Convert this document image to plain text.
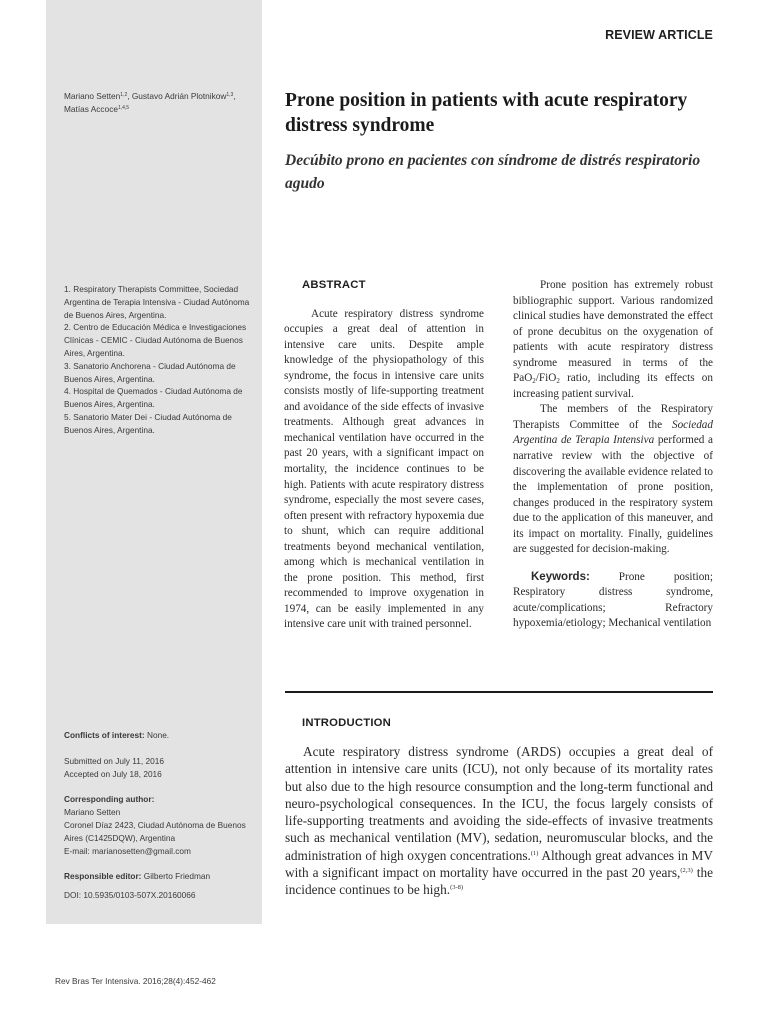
REVIEW ARTICLE

Mariano Setten$^{1,2}$, Gustavo Adrián Plotnikow$^{1,3}$,

Matías Accoce$^{1,4,5}$

1. Respiratory Therapists Committee, Sociedad Argentina de Terapia Intensiva - Ciudad Autónoma de Buenos Aires, Argentina.

2. Centro de Educación Médica e Investigaciones Clínicas - CEMIC - Ciudad Autónoma de Buenos Aires, Argentina.

3. Sanatorio Anchorena - Ciudad Autónoma de Buenos Aires, Argentina.

4. Hospital de Quemados - Ciudad Autónoma de Buenos Aires, Argentina.

5. Sanatorio Mater Dei - Ciudad Autónoma de Buenos Aires, Argentina.

Conflicts of interest: None.

Submitted on July 11, 2016

Accepted on July 18, 2016

Corresponding author:

Mariano Setten

Coronel Díaz 2423, Ciudad Autónoma de Buenos Aires (C1425DQW), Argentina

E-mail: marianosetten@gmail.com

Responsible editor: Gilberto Friedman

DOI: 10.5935/0103-507X.20160066

Prone position in patients with acute respiratory distress syndrome
Decúbito prono en pacientes con síndrome de distrés respiratorio agudo
ABSTRACT

Acute respiratory distress syndrome occupies a great deal of attention in intensive care units. Despite ample knowledge of the physiopathology of this syndrome, the focus in intensive care units consists mostly of life-supporting treatment and avoidance of the side effects of invasive treatments. Although great advances in mechanical ventilation have occurred in the past 20 years, with a significant impact on mortality, the incidence continues to be high. Patients with acute respiratory distress syndrome, especially the most severe cases, often present with refractory hypoxemia due to shunt, which can require additional treatments beyond mechanical ventilation, among which is mechanical ventilation in the prone position. This method, first recommended to improve oxygenation in 1974, can be easily implemented in any intensive care unit with trained personnel.

Prone position has extremely robust bibliographic support. Various randomized clinical studies have demonstrated the effect of prone decubitus on the oxygenation of patients with acute respiratory distress syndrome measured in terms of the PaO$_2$/FiO$_2$ ratio, including its effects on increasing patient survival.

The members of the Respiratory Therapists Committee of the Sociedad Argentina de Terapia Intensiva performed a narrative review with the objective of discovering the available evidence related to the implementation of prone position, changes produced in the respiratory system due to the application of this maneuver, and its impact on mortality. Finally, guidelines are suggested for decision-making.

Keywords: Prone position; Respiratory distress syndrome, acute/complications; Refractory hypoxemia/etiology; Mechanical ventilation

INTRODUCTION

Acute respiratory distress syndrome (ARDS) occupies a great deal of attention in intensive care units (ICU), not only because of its mortality rates but also due to the high resource consumption and the long-term functional and neuro-psychological consequences. In the ICU, the focus largely consists of life-supporting treatments and avoiding the side-effects of invasive treatments such as mechanical ventilation (MV), sedation, neuromuscular blocks, and the administration of high oxygen concentrations.$^{(1)}$ Although great advances in MV with a significant impact on mortality have occurred in the past 20 years,$^{(2,3)}$ the incidence continues to be high.$^{(3-8)}$

Rev Bras Ter Intensiva. 2016;28(4):452-462
